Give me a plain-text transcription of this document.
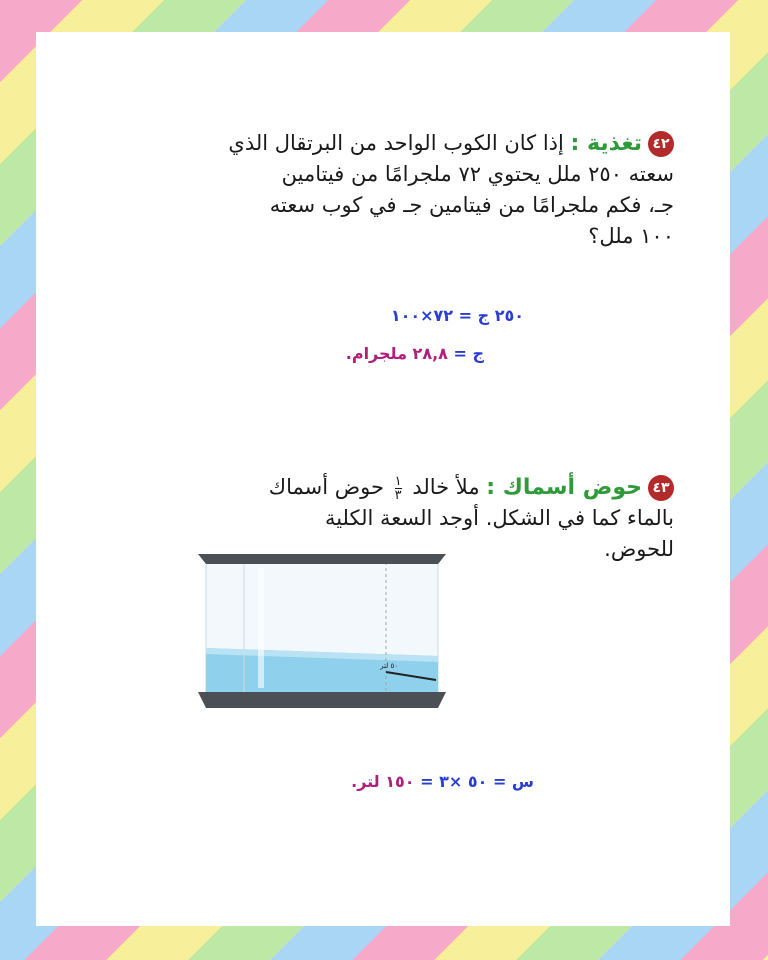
٤٢تغذية : إذا كان الكوب الواحد من البرتقال الذي
سعته ٢٥٠ ملل يحتوي ٧٢ ملجرامًا من فيتامين
جـ، فكم ملجرامًا من فيتامين جـ في كوب سعته
١٠٠ ملل؟
٢٥٠ ج = ٧٢×١٠٠
ج = ٢٨,٨ ملجرام.
٤٣حوض أسماك : ملأ خالد
$\frac{١}{٣}$
حوض أسماك
بالماء كما في الشكل. أوجد السعة الكلية
للحوض.
٥٠ لتر
س = ٥٠ ×٣ = ١٥٠ لتر.
